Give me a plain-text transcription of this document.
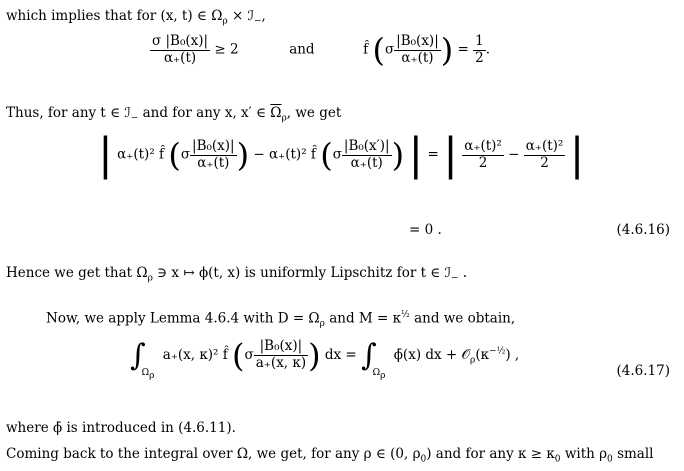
which implies that for (x, t) ∈ $\Omega_\rho$ × ℐ$_-$,
$\frac{\text{σ |B₀(x)|}}{\alpha_+(t)} \ge 2$	and	f̂ ($\sigma \frac{\text{|B₀(x)|}}{\alpha_+(t)}$ ) = $\frac{1}{2}$ .
Thus, for any t ∈ ℐ$_-$ and for any x, x′ ∈ $\overline{\Omega}_\rho$, we get
| α₊(t)² f̂ ($\sigma \frac{\text{|B₀(x)|}}{\alpha_+(t)}$ ) − α₊(t)² f̂ ($\sigma \frac{\text{|B₀(x′)|}}{\alpha_+(t)}$ ) | = | $\frac{\text{α₊(t)²}}{2} - \frac{\text{α₊(t)²}}{2}$ |
= 0 .	(4.6.16)
Hence we get that $\Omega_\rho$ ∋ x ↦ ϕ(t, x) is uniformly Lipschitz for t ∈ ℐ$_-$ .
Now, we apply Lemma 4.6.4 with $D = \Omega_\rho$ and $M = \kappa^{\frac{1}{2}}$ and we obtain,
$\int_{\Omega_\rho}$ a₊(x, κ)² f̂ ($\sigma \frac{\text{|B₀(x)|}}{a_+(x, \kappa)}$ ) dx = $\int_{\Omega_\rho}$ ϕ̄(x) dx + $𝒪_\rho(\kappa^{-\frac{1}{2}})$ ,
(4.6.17)
where ϕ̄ is introduced in (4.6.11).
Coming back to the integral over Ω, we get, for any ρ ∈ (0, $\rho_0$) and for any $\kappa \ge \kappa_0$ with $\rho_0$ small
